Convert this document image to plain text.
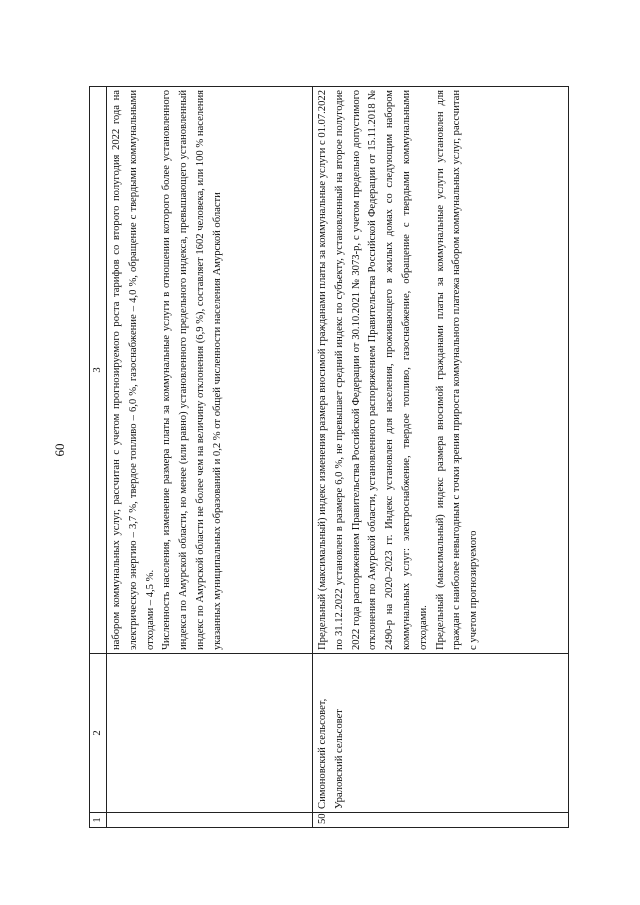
60
1	2	3

		набором коммунальных услуг, рассчитан с учетом прогнозируемого роста тарифов со второго полугодия 2022 года на электрическую энергию – 3,7 %, твердое топливо – 6,0 %, газоснабжение – 4,0 %, обращение с твердыми коммунальными отходами – 4,5 %. Численность населения, изменение размера платы за коммунальные услуги в отношении которого более установленного индекса по Амурской области, но менее (или равно) установленного предельного индекса, превышающего установленный индекс по Амурской области не более чем на величину отклонения (6,9 %), составляет 1602 человека, или 100 % населения указанных муниципальных образований и 0,2 % от общей численности населения Амурской области

50	Симоновский сельсовет, Ураловский сельсовет	Предельный (максимальный) индекс изменения размера вносимой гражданами платы за коммунальные услуги с 01.07.2022 по 31.12.2022 установлен в размере 6,0 %, не превышает средний индекс по субъекту, установленный на второе полугодие 2022 года распоряжением Правительства Российской Федерации от 30.10.2021 № 3073-р, с учетом предельно допустимого отклонения по Амурской области, установленного распоряжением Правительства Российской Федерации от 15.11.2018 № 2490-р на 2020–2023 гг. Индекс установлен для населения, проживающего в жилых домах со следующим набором коммунальных услуг: электроснабжение, твердое топливо, газоснабжение, обращение с твердыми коммунальными отходами. Предельный (максимальный) индекс размера вносимой гражданами платы за коммунальные услуги установлен для граждан с наиболее невыгодным с точки зрения прироста коммунального платежа набором коммунальных услуг, рассчитан с учетом прогнозируемого
